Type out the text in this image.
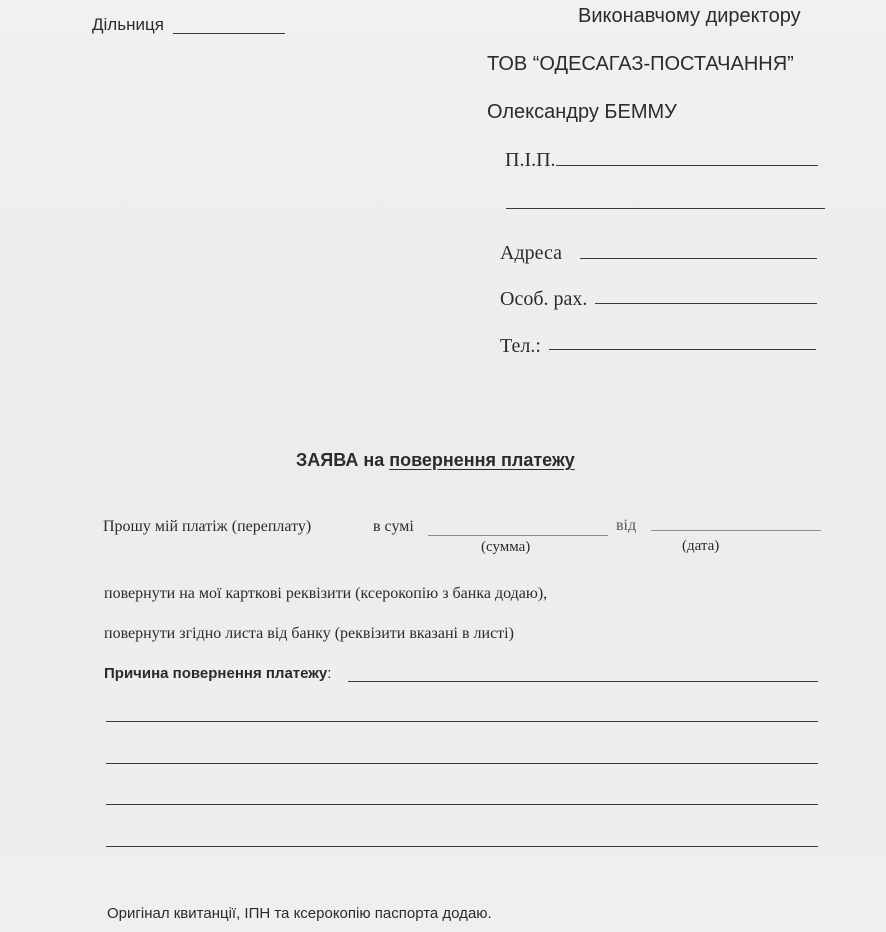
Дільниця	Виконавчому директору
ТОВ “ОДЕСАГАЗ-ПОСТАЧАННЯ”
Олександру БЕММУ
П.І.П.
Адреса
Особ. рах.
Тел.:
ЗАЯВА на повернення платежу
Прошу мій платіж (переплату)	в сумі	від
(сумма)	(дата)
повернути на мої карткові реквізити (ксерокопію з банка додаю),
повернути згідно листа від банку (реквізити вказані в листі)
Причина повернення платежу:
Оригінал квитанції, ІПН та ксерокопію паспорта додаю.
